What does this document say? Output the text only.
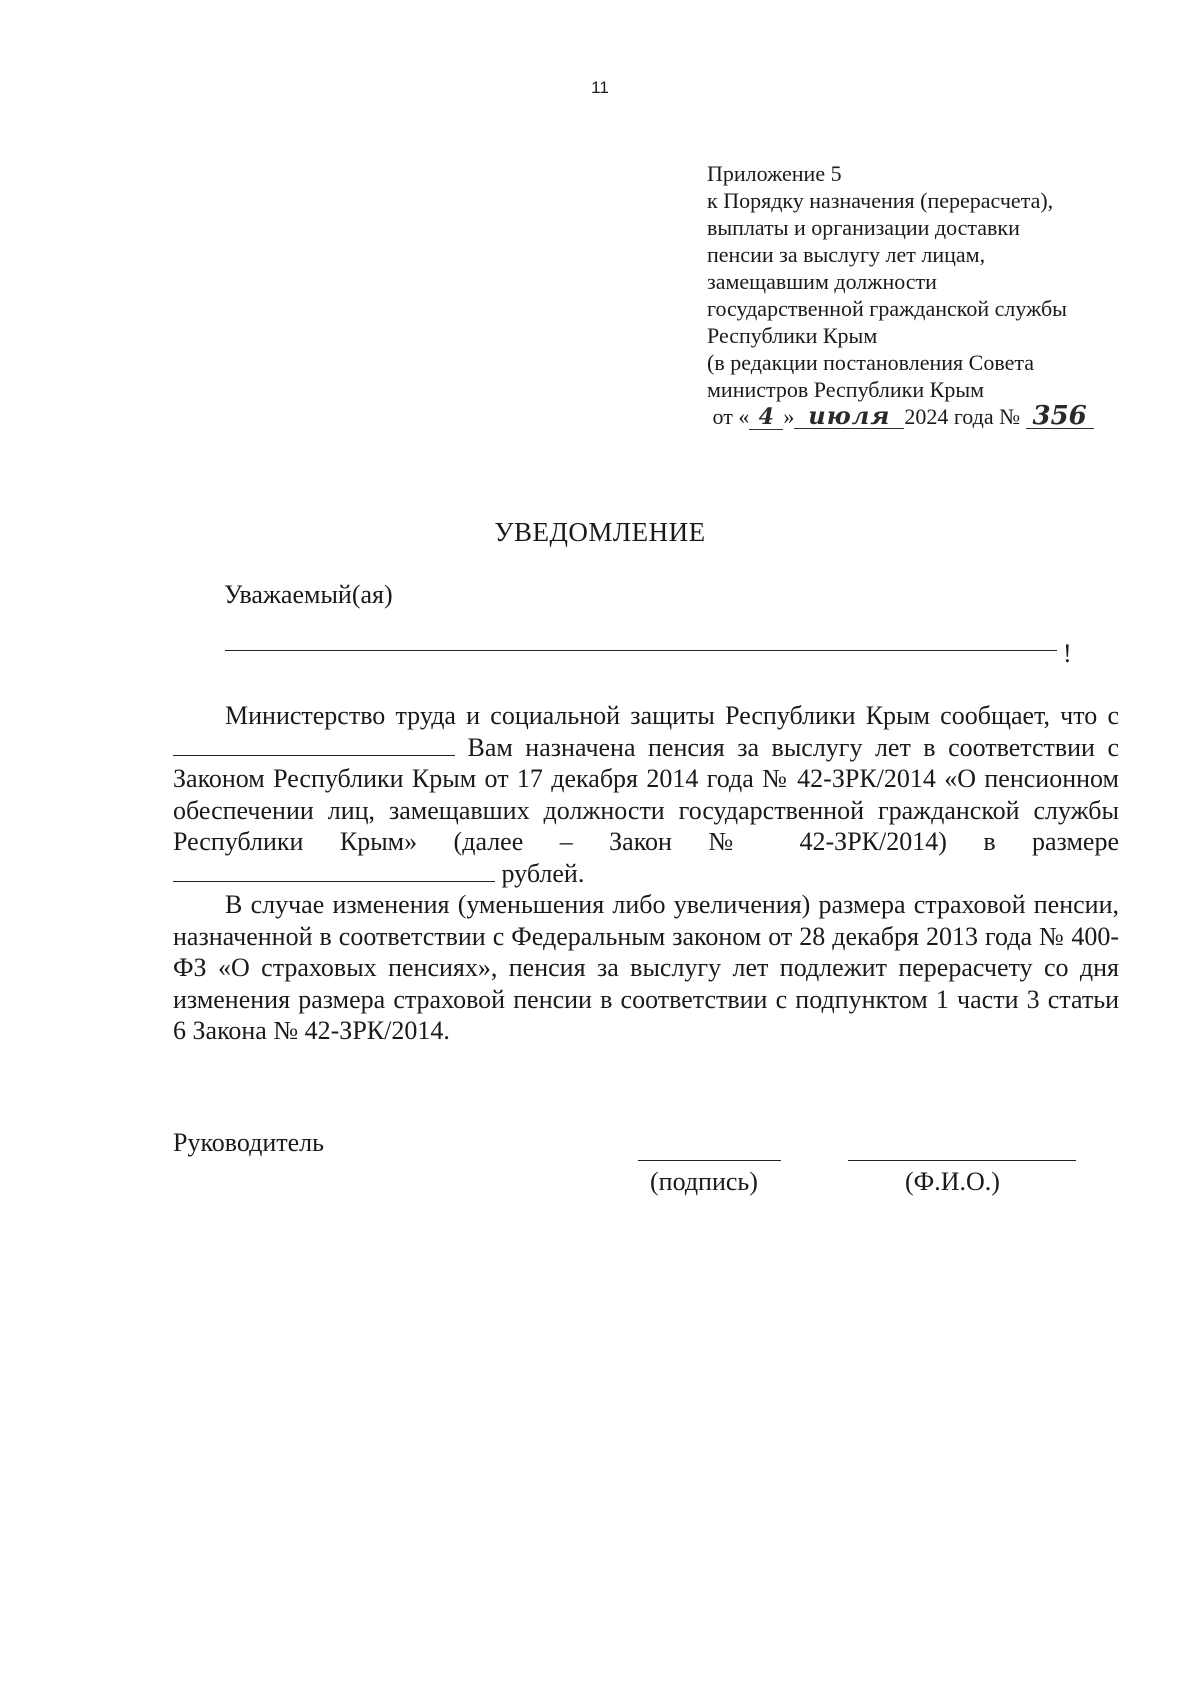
11
Приложение 5
к Порядку назначения (перерасчета),
выплаты и организации доставки
пенсии за выслугу лет лицам,
замещавшим должности
государственной гражданской службы
Республики Крым
(в редакции постановления Совета
министров Республики Крым
от « 4 » июля 2024 года № 356
УВЕДОМЛЕНИЕ
Уважаемый(ая)
!

Министерство труда и социальной защиты Республики Крым сообщает, что с  Вам назначена пенсия за выслугу лет в соответствии с Законом Республики Крым от 17 декабря 2014 года № 42-ЗРК/2014 «О пенсионном обеспечении лиц, замещавших должности государственной гражданской службы Республики Крым» (далее – Закон № 42-ЗРК/2014) в размере  рублей.

В случае изменения (уменьшения либо увеличения) размера страховой пенсии, назначенной в соответствии с Федеральным законом от 28 декабря 2013 года № 400-ФЗ «О страховых пенсиях», пенсия за выслугу лет подлежит перерасчету со дня изменения размера страховой пенсии в соответствии с подпунктом 1 части 3 статьи 6 Закона № 42-ЗРК/2014.

Руководитель
(подпись)	(Ф.И.О.)
